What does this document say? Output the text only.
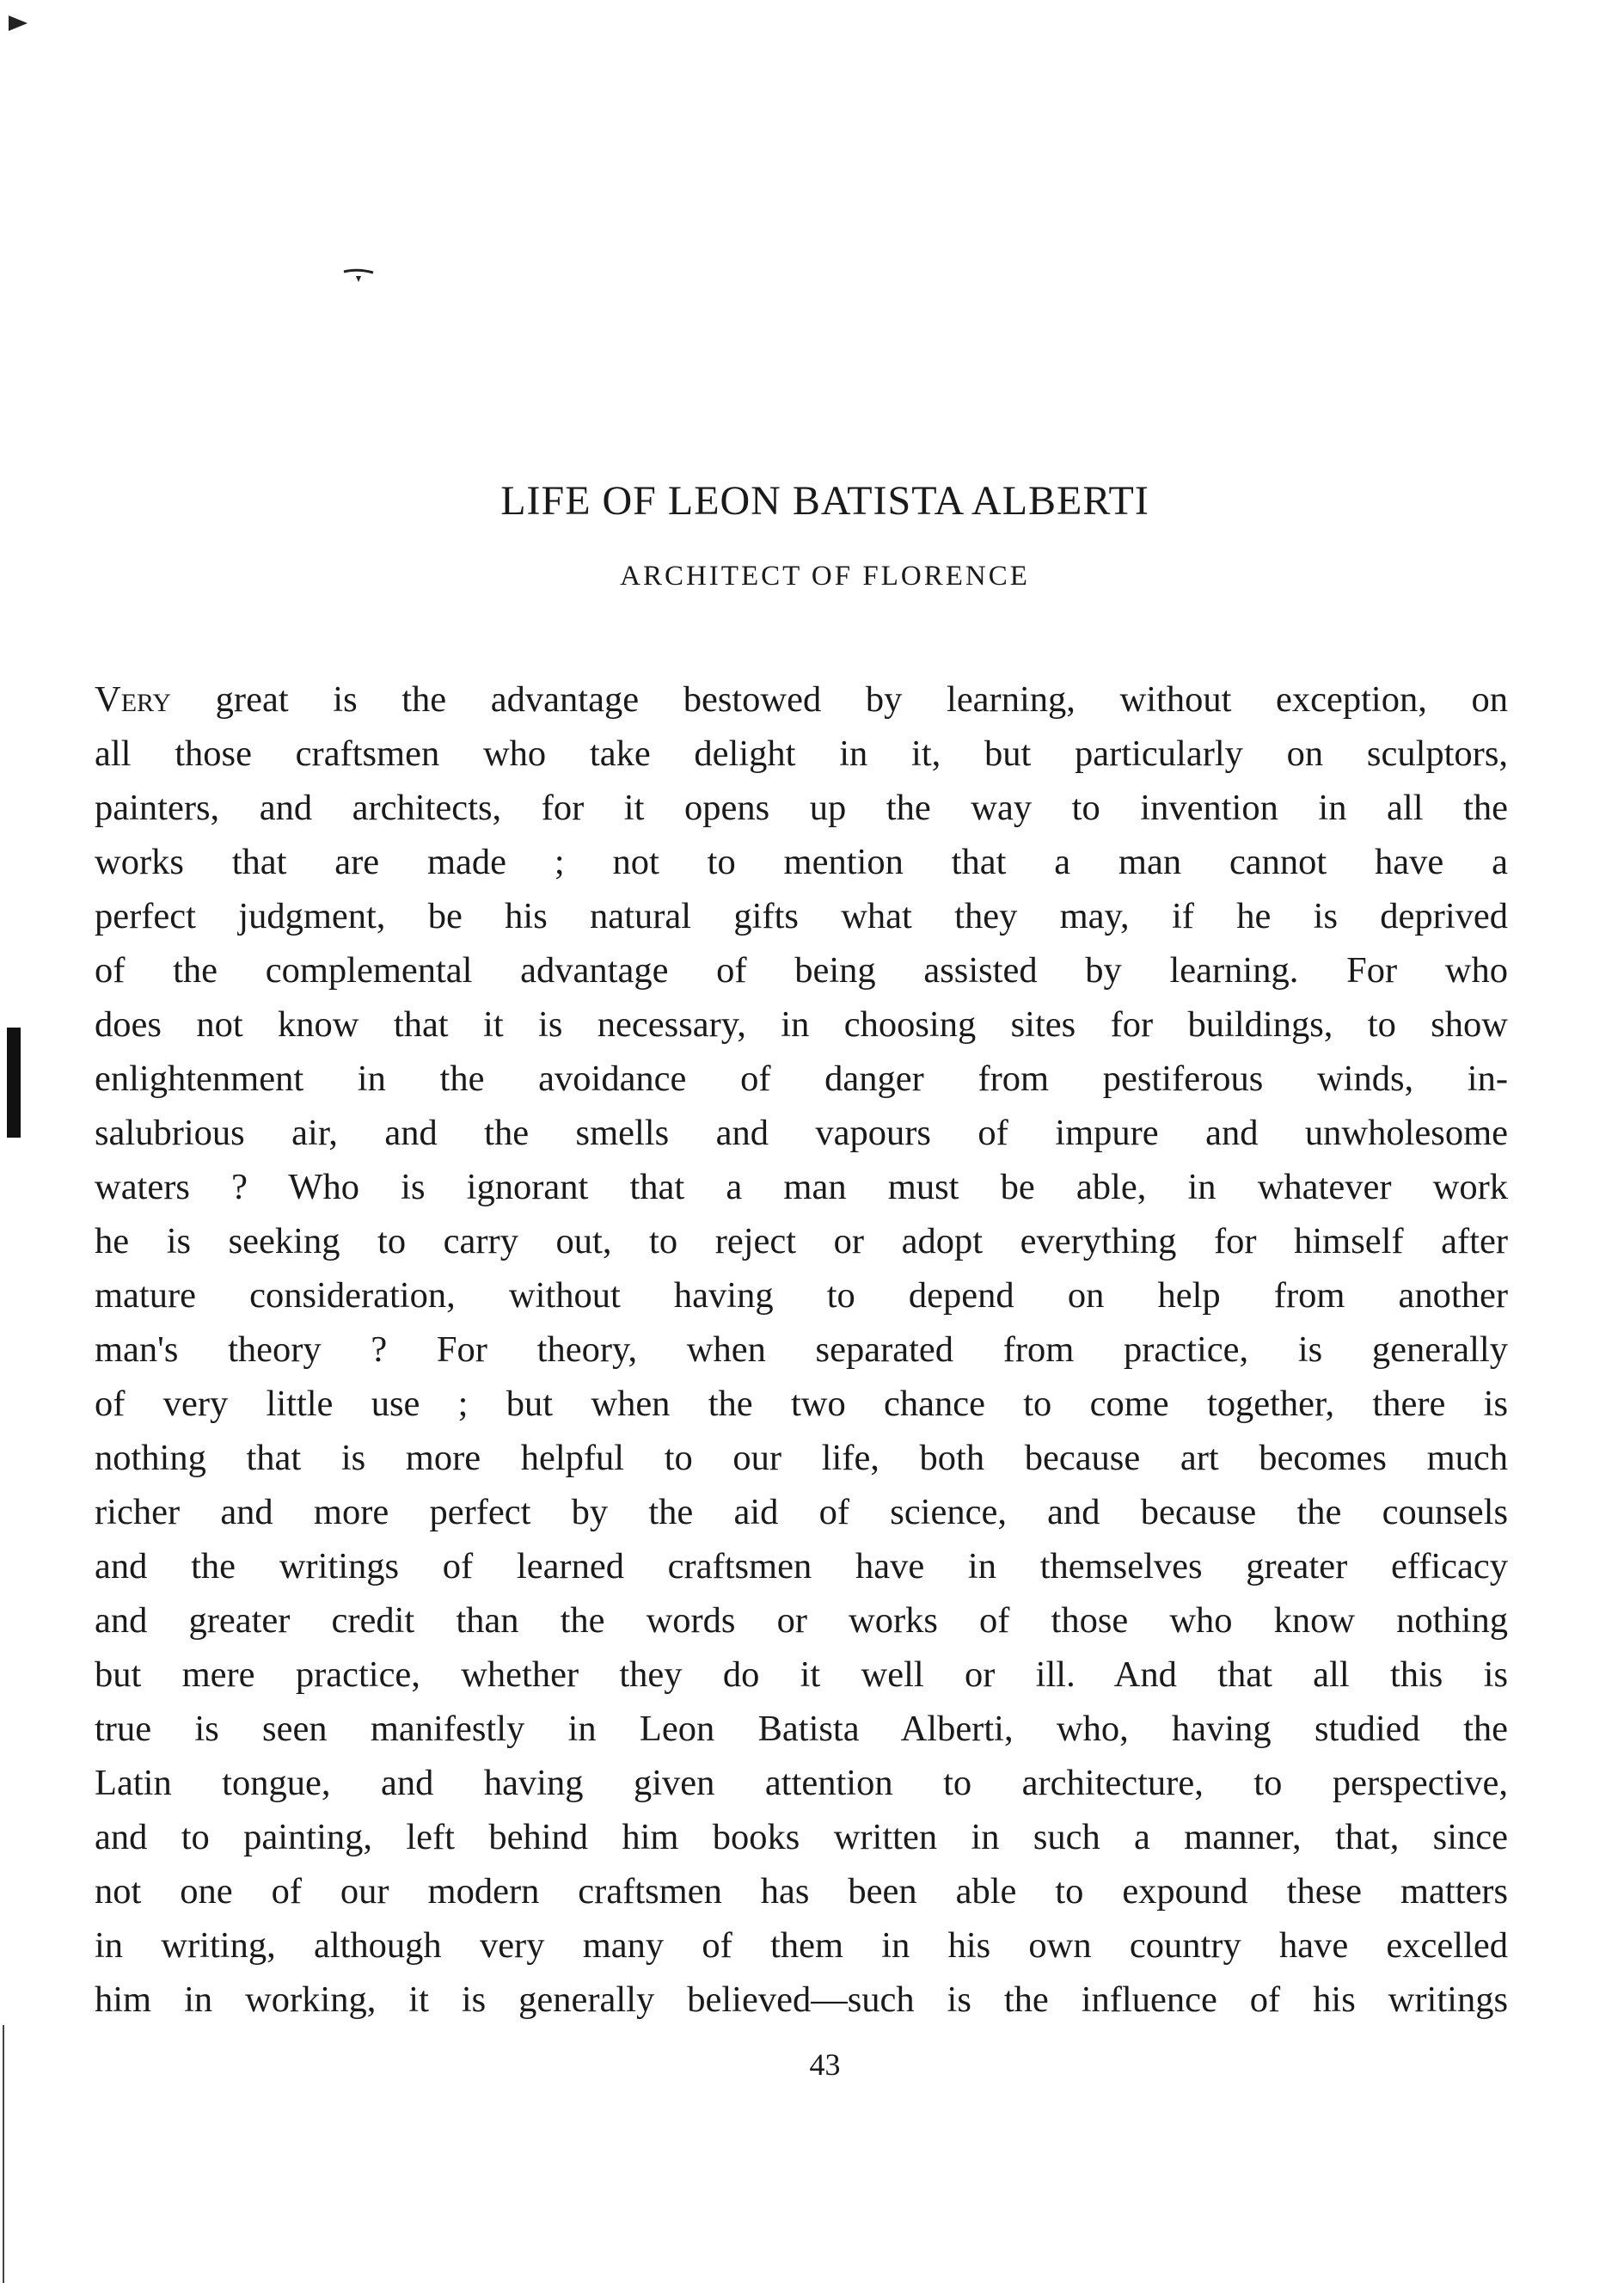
LIFE OF LEON BATISTA ALBERTI
ARCHITECT OF FLORENCE
Very great is the advantage bestowed by learning, without exception, on
all those craftsmen who take delight in it, but particularly on sculptors,
painters, and architects, for it opens up the way to invention in all the
works that are made ; not to mention that a man cannot have a
perfect judgment, be his natural gifts what they may, if he is deprived
of the complemental advantage of being assisted by learning. For who
does not know that it is necessary, in choosing sites for buildings, to show
enlightenment in the avoidance of danger from pestiferous winds, in-
salubrious air, and the smells and vapours of impure and unwholesome
waters ? Who is ignorant that a man must be able, in whatever work
he is seeking to carry out, to reject or adopt everything for himself after
mature consideration, without having to depend on help from another
man's theory ? For theory, when separated from practice, is generally
of very little use ; but when the two chance to come together, there is
nothing that is more helpful to our life, both because art becomes much
richer and more perfect by the aid of science, and because the counsels
and the writings of learned craftsmen have in themselves greater efficacy
and greater credit than the words or works of those who know nothing
but mere practice, whether they do it well or ill. And that all this is
true is seen manifestly in Leon Batista Alberti, who, having studied the
Latin tongue, and having given attention to architecture, to perspective,
and to painting, left behind him books written in such a manner, that, since
not one of our modern craftsmen has been able to expound these matters
in writing, although very many of them in his own country have excelled
him in working, it is generally believed—such is the influence of his writings
43
